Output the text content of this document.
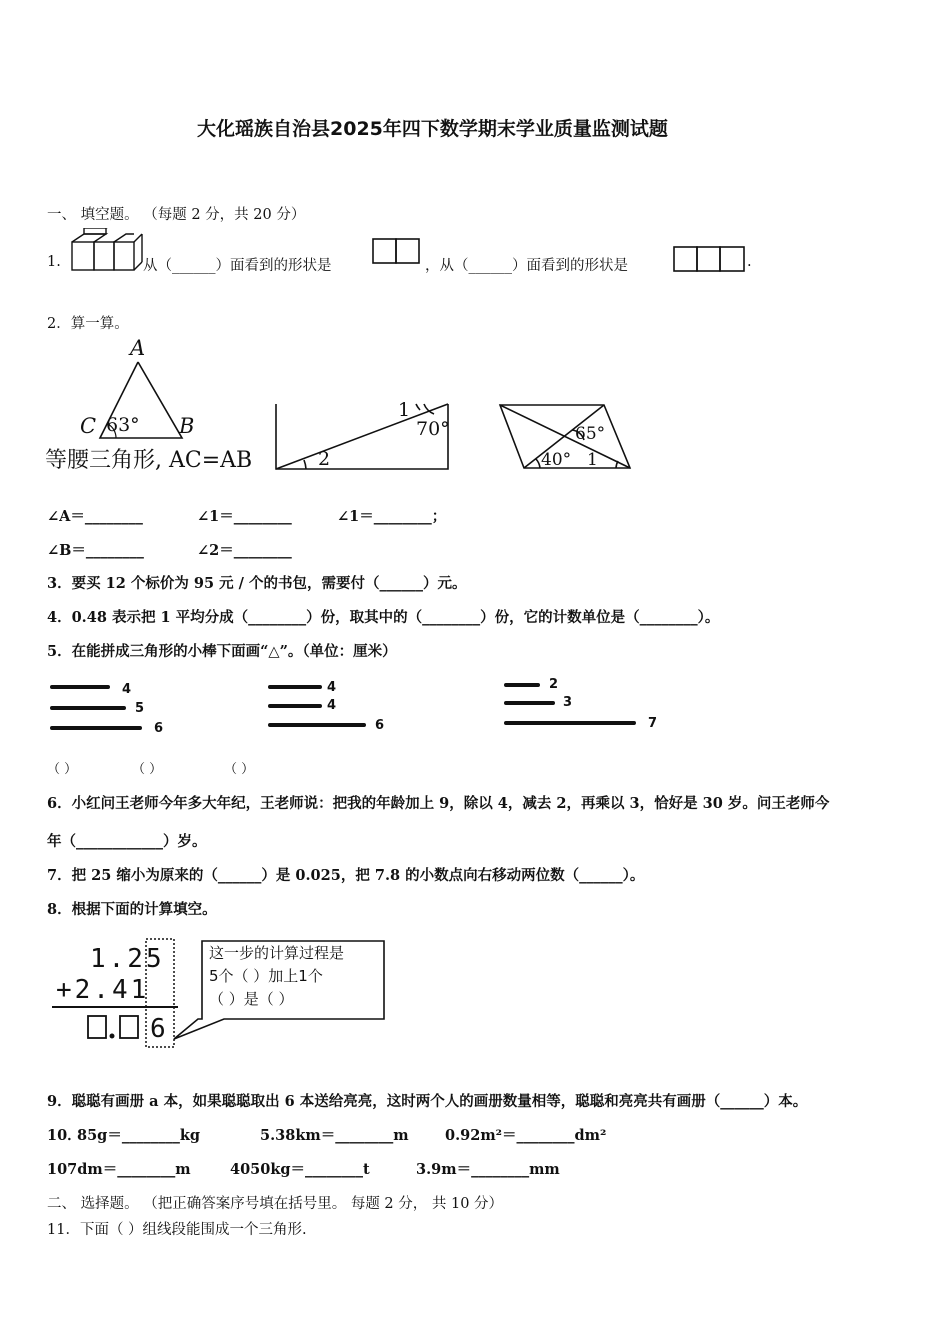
大化瑶族自治县2025年四下数学期末学业质量监测试题
一、 填空题。 （每题 2 分，共 20 分）
1.	从（______）面看到的形状是	，从（______）面看到的形状是	.
2．算一算。
A
C	B
63°
等腰三角形, AC=AB
1
70°
2
65°
40° 1
∠A＝________	∠1＝________	∠1＝________；
∠B＝________	∠2＝________
3．要买 12 个标价为 95 元 / 个的书包，需要付（______）元。
4．0.48 表示把 1 平均分成（________）份，取其中的（________）份，它的计数单位是（________）。
5．在能拼成三角形的小棒下面画“△”。（单位：厘米）
4
5
6
4
4
6
2
3
7
（ ）	（ ）	（ ）
6．小红问王老师今年多大年纪，王老师说：把我的年龄加上 9，除以 4，减去 2，再乘以 3，恰好是 30 岁。问王老师今
年（____________）岁。
7．把 25 缩小为原来的（______）是 0.025，把 7.8 的小数点向右移动两位数（______）。
8．根据下面的计算填空。
1.25
+2.41
6
这一步的计算过程是
5个（ ）加上1个
（ ）是（ ）
9．聪聪有画册 a 本，如果聪聪取出 6 本送给亮亮，这时两个人的画册数量相等，聪聪和亮亮共有画册（______）本。
10．
85g＝________kg	5.38km＝________m	0.92m²＝________dm²
107dm＝________m	4050kg＝________t	3.9m＝________mm
二、 选择题。 （把正确答案序号填在括号里。 每题 2 分， 共 10 分）
11．下面（ ）组线段能围成一个三角形.
